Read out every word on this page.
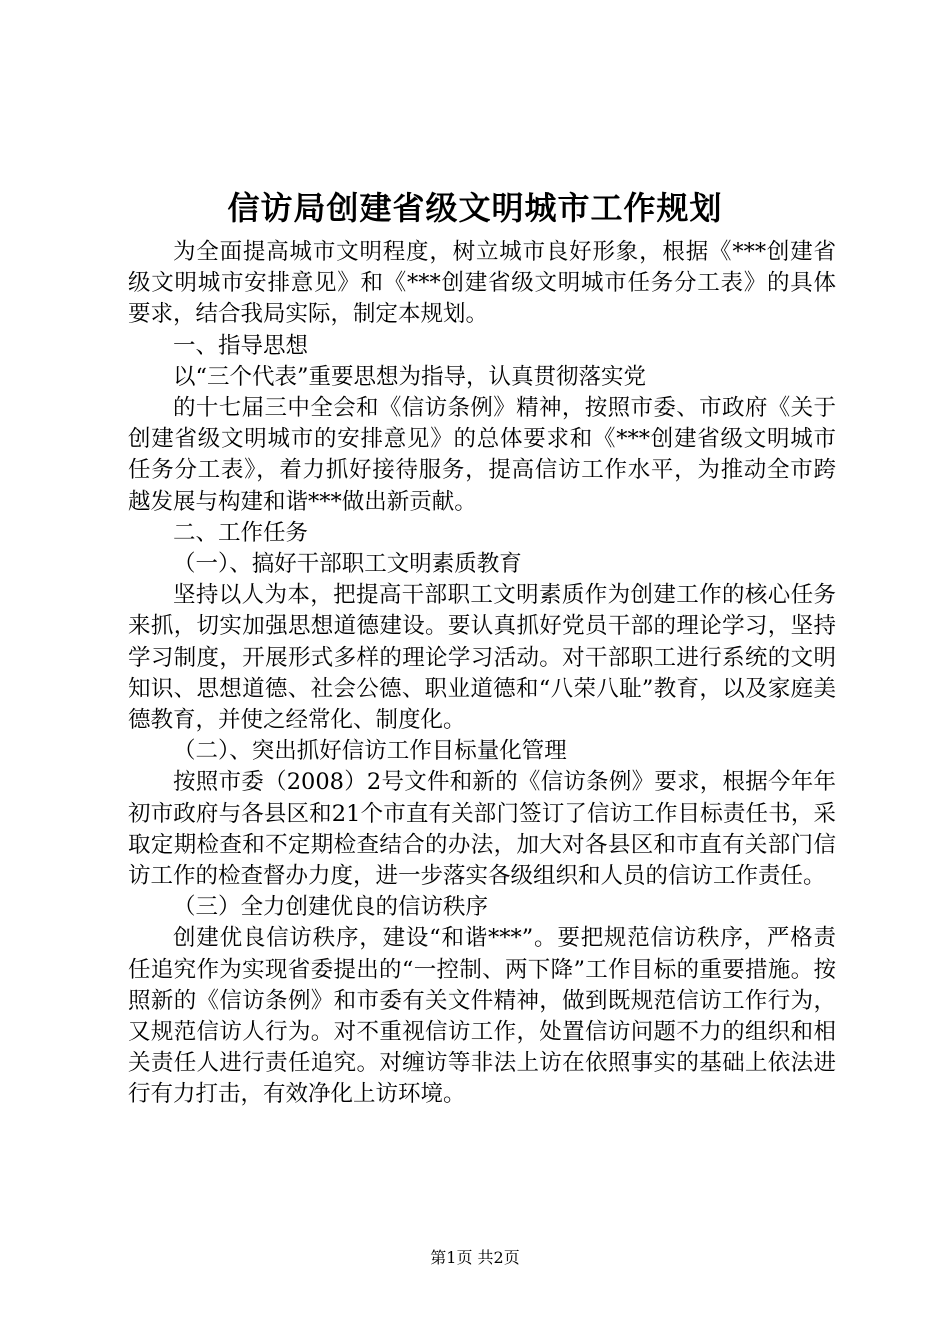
信访局创建省级文明城市工作规划

为全面提高城市文明程度，树立城市良好形象，根据《***创建省级文明城市安排意见》和《***创建省级文明城市任务分工表》的具体要求，结合我局实际，制定本规划。

一、指导思想

以“三个代表”重要思想为指导，认真贯彻落实党

的十七届三中全会和《信访条例》精神，按照市委、市政府《关于创建省级文明城市的安排意见》的总体要求和《***创建省级文明城市任务分工表》，着力抓好接待服务，提高信访工作水平，为推动全市跨越发展与构建和谐***做出新贡献。

二、工作任务

（一）、搞好干部职工文明素质教育

坚持以人为本，把提高干部职工文明素质作为创建工作的核心任务来抓，切实加强思想道德建设。要认真抓好党员干部的理论学习，坚持学习制度，开展形式多样的理论学习活动。对干部职工进行系统的文明知识、思想道德、社会公德、职业道德和“八荣八耻”教育，以及家庭美德教育，并使之经常化、制度化。

（二）、突出抓好信访工作目标量化管理

按照市委（2008）2号文件和新的《信访条例》要求，根据今年年初市政府与各县区和21个市直有关部门签订了信访工作目标责任书，采取定期检查和不定期检查结合的办法，加大对各县区和市直有关部门信访工作的检查督办力度，进一步落实各级组织和人员的信访工作责任。

（三）全力创建优良的信访秩序

创建优良信访秩序，建设“和谐***”。要把规范信访秩序，严格责任追究作为实现省委提出的“一控制、两下降”工作目标的重要措施。按照新的《信访条例》和市委有关文件精神，做到既规范信访工作行为，又规范信访人行为。对不重视信访工作，处置信访问题不力的组织和相关责任人进行责任追究。对缠访等非法上访在依照事实的基础上依法进行有力打击，有效净化上访环境。

第1页 共2页
